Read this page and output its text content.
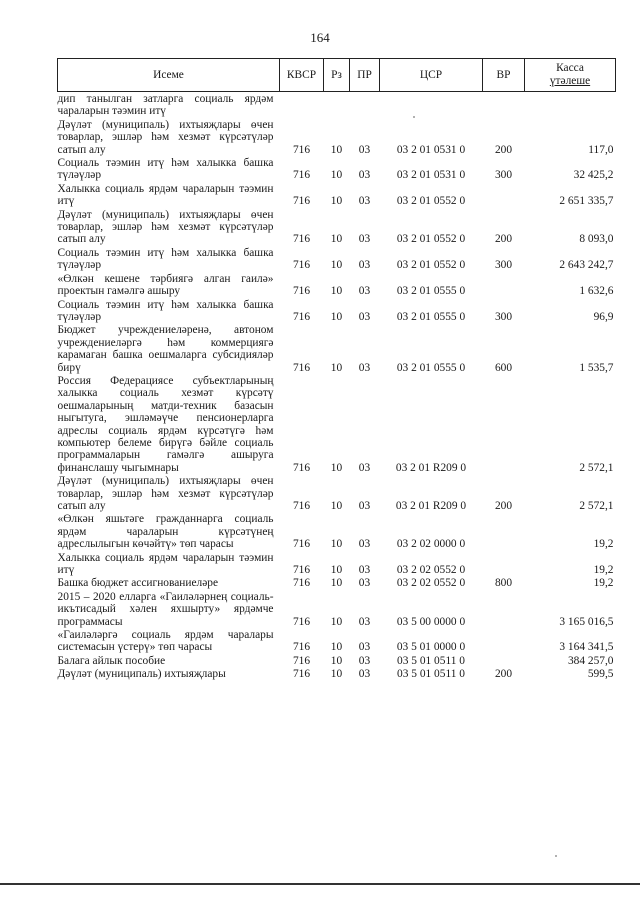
164
Исеме	КВСР	Рз	ПР	ЦСР	ВР	Касса
үтәлеше

дип танылган затларга социаль ярдәм чараларын тәэмин итү						
Дәүләт (муниципаль) ихтыяҗлары өчен товарлар, эшләр һәм хезмәт күрсәтүләр сатып алу	716	10	03	03 2 01 0531 0	200	117,0
Социаль тәэмин итү һәм халыкка башка түләүләр	716	10	03	03 2 01 0531 0	300	32 425,2
Халыкка социаль ярдәм чараларын тәэмин итү	716	10	03	03 2 01 0552 0		2 651 335,7
Дәүләт (муниципаль) ихтыяҗлары өчен товарлар, эшләр һәм хезмәт күрсәтүләр сатып алу	716	10	03	03 2 01 0552 0	200	8 093,0
Социаль тәэмин итү һәм халыкка башка түләүләр	716	10	03	03 2 01 0552 0	300	2 643 242,7
«Өлкән кешене тәрбиягә алган гаилә» проектын гамәлгә ашыру	716	10	03	03 2 01 0555 0		1 632,6
Социаль тәэмин итү һәм халыкка башка түләүләр	716	10	03	03 2 01 0555 0	300	96,9
Бюджет учреждениеләренә, автоном учреждениеләргә һәм коммерциягә карамаган башка оешмаларга субсидияләр бирү	716	10	03	03 2 01 0555 0	600	1 535,7
Россия Федерациясе субъектларының халыкка социаль хезмәт күрсәтү оешмаларының матди-техник базасын ныгытуга, эшләмәүче пенсионерларга адреслы социаль ярдәм күрсәтүгә һәм компьютер белеме бирүгә бәйле социаль программаларын гамәлгә ашыруга финанслашу чыгымнары	716	10	03	03 2 01 R209 0		2 572,1
Дәүләт (муниципаль) ихтыяҗлары өчен товарлар, эшләр һәм хезмәт күрсәтүләр сатып алу	716	10	03	03 2 01 R209 0	200	2 572,1
«Өлкән яшьтәге гражданнарга социаль ярдәм чараларын күрсәтүнең адреслылыгын көчәйтү» төп чарасы	716	10	03	03 2 02 0000 0		19,2
Халыкка социаль ярдәм чараларын тәэмин итү	716	10	03	03 2 02 0552 0		19,2
Башка бюджет ассигнованиеләре	716	10	03	03 2 02 0552 0	800	19,2
2015 – 2020 елларга «Гаиләләрнең социаль-икътисадый хәлен яхшырту» ярдәмче программасы	716	10	03	03 5 00 0000 0		3 165 016,5
«Гаиләләргә социаль ярдәм чаралары системасын үстерү» төп чарасы	716	10	03	03 5 01 0000 0		3 164 341,5
Балага айлык пособие	716	10	03	03 5 01 0511 0		384 257,0
Дәүләт (муниципаль) ихтыяҗлары	716	10	03	03 5 01 0511 0	200	599,5
